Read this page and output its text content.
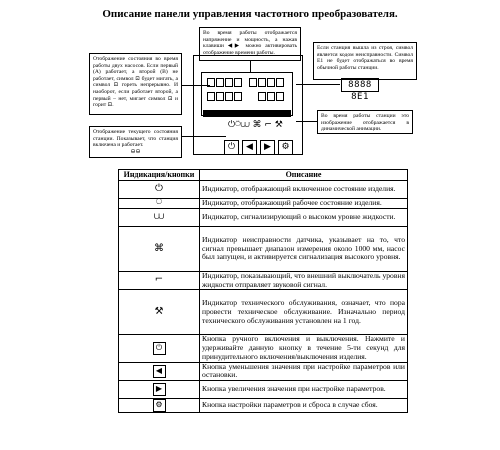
Описание панели управления частотного преобразователя.
Во время работы отображается напряжение и мощность, а нажав клавиши ◀▶ можно активировать отображение времени работы.
Если станция вышла из строя, символ является кодом неисправности. Символ E1 не будет отображаться во время обычной работы станции.
Отображение состояния во время работы двух насосов. Если первый (A) работает, а второй (B) не работает, символ ⊡ будет мигать, а символ ⊡ гореть непрерывно. И наоборот, если работает второй, а первый – нет, мигает символ ⊡ и горит ⊡.
Отображение текущего состояния станции. Показывает, что станция включена и работает.
⊖⊖
Во время работы станции это изображение отображается в динамической анимации.
⏻⍥⩊ ⌘ ⌐ ⚒
⏻	◀	▶	⚙
8888 8E1
Индикация/кнопки	Описание
⏻	Индикатор, отображающий включенное состояние изделия.
⍥	Индикатор, отображающий рабочее состояние изделия.
⩊	Индикатор, сигнализирующий о высоком уровне жидкости.
⌘	Индикатор неисправности датчика, указывает на то, что сигнал превышает диапазон измерения около 1000 мм, насос был запущен, и активируется сигнализация высокого уровня.
⌐	Индикатор, показывающий, что внешний выключатель уровня жидкости отправляет звуковой сигнал.
⚒	Индикатор технического обслуживания, означает, что пора провести техническое обслуживание. Изначально период технического обслуживания установлен на 1 год.
⏻	Кнопка ручного включения и выключения. Нажмите и удерживайте данную кнопку в течение 5-ти секунд для принудительного включения/выключения изделия.
◀	Кнопка уменьшения значения при настройке параметров или остановки.
▶	Кнопка увеличения значения при настройке параметров.
⚙	Кнопка настройки параметров и сброса в случае сбоя.
